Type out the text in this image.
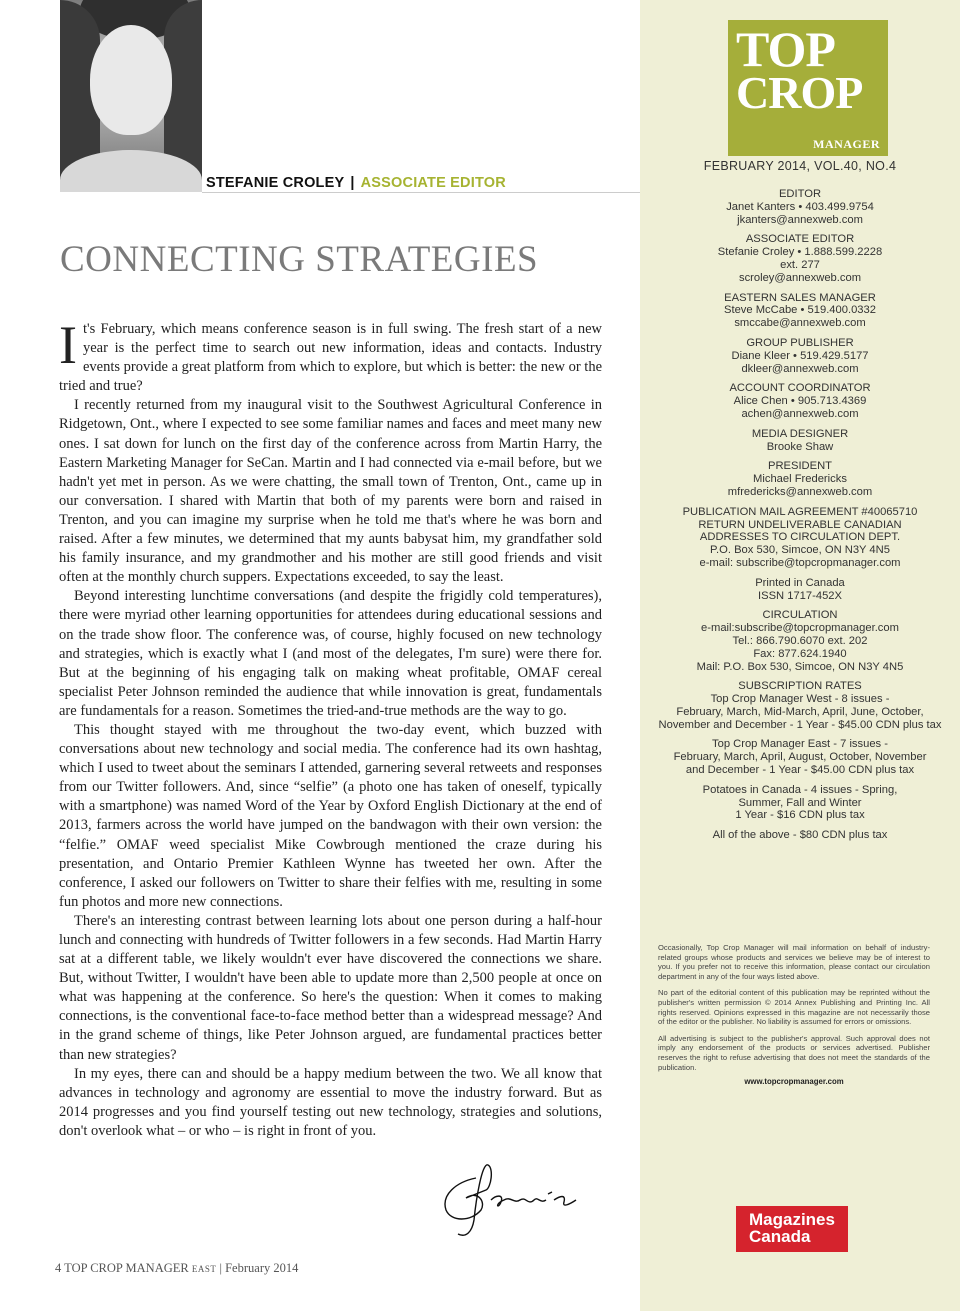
STEFANIE CROLEY | ASSOCIATE EDITOR
CONNECTING STRATEGIES

It's February, which means conference season is in full swing. The fresh start of a new year is the perfect time to search out new information, ideas and contacts. Industry events provide a great platform from which to explore, but which is better: the new or the tried and true?

I recently returned from my inaugural visit to the Southwest Agricultural Conference in Ridgetown, Ont., where I expected to see some familiar names and faces and meet many new ones. I sat down for lunch on the first day of the conference across from Martin Harry, the Eastern Marketing Manager for SeCan. Martin and I had connected via e-mail before, but we hadn't yet met in person. As we were chatting, the small town of Trenton, Ont., came up in our conversation. I shared with Martin that both of my parents were born and raised in Trenton, and you can imagine my surprise when he told me that's where he was born and raised. After a few minutes, we determined that my aunts babysat him, my grandfather sold his family insurance, and my grandmother and his mother are still good friends and visit often at the monthly church suppers. Expectations exceeded, to say the least.

Beyond interesting lunchtime conversations (and despite the frigidly cold temperatures), there were myriad other learning opportunities for attendees during educational sessions and on the trade show floor. The conference was, of course, highly focused on new technology and strategies, which is exactly what I (and most of the delegates, I'm sure) were there for. But at the beginning of his engaging talk on making wheat profitable, OMAF cereal specialist Peter Johnson reminded the audience that while innovation is great, fundamentals are fundamentals for a reason. Sometimes the tried-and-true methods are the way to go.

This thought stayed with me throughout the two-day event, which buzzed with conversations about new technology and social media. The conference had its own hashtag, which I used to tweet about the seminars I attended, garnering several retweets and responses from our Twitter followers. And, since “selfie” (a photo one has taken of oneself, typically with a smartphone) was named Word of the Year by Oxford English Dictionary at the end of 2013, farmers across the world have jumped on the bandwagon with their own version: the “felfie.” OMAF weed specialist Mike Cowbrough mentioned the craze during his presentation, and Ontario Premier Kathleen Wynne has tweeted her own. After the conference, I asked our followers on Twitter to share their felfies with me, resulting in some fun photos and more new connections.

There's an interesting contrast between learning lots about one person during a half-hour lunch and connecting with hundreds of Twitter followers in a few seconds. Had Martin Harry sat at a different table, we likely wouldn't ever have discovered the connections we share. But, without Twitter, I wouldn't have been able to update more than 2,500 people at once on what was happening at the conference. So here's the question: When it comes to making connections, is the conventional face-to-face method better than a widespread message? And in the grand scheme of things, like Peter Johnson argued, are fundamental practices better than new strategies?

In my eyes, there can and should be a happy medium between the two. We all know that advances in technology and agronomy are essential to move the industry forward. But as 2014 progresses and you find yourself testing out new technology, strategies and solutions, don't overlook what – or who – is right in front of you.

4 TOP CROP MANAGER EAST | February 2014
TOP
CROP
MANAGER
FEBRUARY 2014, VOL.40, NO.4
EDITOR
Janet Kanters • 403.499.9754
jkanters@annexweb.com
ASSOCIATE EDITOR
Stefanie Croley • 1.888.599.2228
ext. 277
scroley@annexweb.com
EASTERN SALES MANAGER
Steve McCabe • 519.400.0332
smccabe@annexweb.com
GROUP PUBLISHER
Diane Kleer • 519.429.5177
dkleer@annexweb.com
ACCOUNT COORDINATOR
Alice Chen • 905.713.4369
achen@annexweb.com
MEDIA DESIGNER
Brooke Shaw
PRESIDENT
Michael Fredericks
mfredericks@annexweb.com
PUBLICATION MAIL AGREEMENT #40065710
RETURN UNDELIVERABLE CANADIAN
ADDRESSES TO CIRCULATION DEPT.
P.O. Box 530, Simcoe, ON N3Y 4N5
e-mail: subscribe@topcropmanager.com
Printed in Canada
ISSN 1717-452X
CIRCULATION
e-mail:subscribe@topcropmanager.com
Tel.: 866.790.6070 ext. 202
Fax: 877.624.1940
Mail: P.O. Box 530, Simcoe, ON N3Y 4N5
SUBSCRIPTION RATES
Top Crop Manager West - 8 issues -
February, March, Mid-March, April, June, October,
November and December - 1 Year - $45.00 CDN plus tax
Top Crop Manager East - 7 issues -
February, March, April, August, October, November
and December - 1 Year - $45.00 CDN plus tax
Potatoes in Canada - 4 issues - Spring,
Summer, Fall and Winter
1 Year - $16 CDN plus tax
All of the above - $80 CDN plus tax

Occasionally, Top Crop Manager will mail information on behalf of industry-related groups whose products and services we believe may be of interest to you. If you prefer not to receive this information, please contact our circulation department in any of the four ways listed above.

No part of the editorial content of this publication may be reprinted without the publisher's written permission © 2014 Annex Publishing and Printing Inc. All rights reserved. Opinions expressed in this magazine are not necessarily those of the editor or the publisher. No liability is assumed for errors or omissions.

All advertising is subject to the publisher's approval. Such approval does not imply any endorsement of the products or services advertised. Publisher reserves the right to refuse advertising that does not meet the standards of the publication.

www.topcropmanager.com
Magazines
Canada
